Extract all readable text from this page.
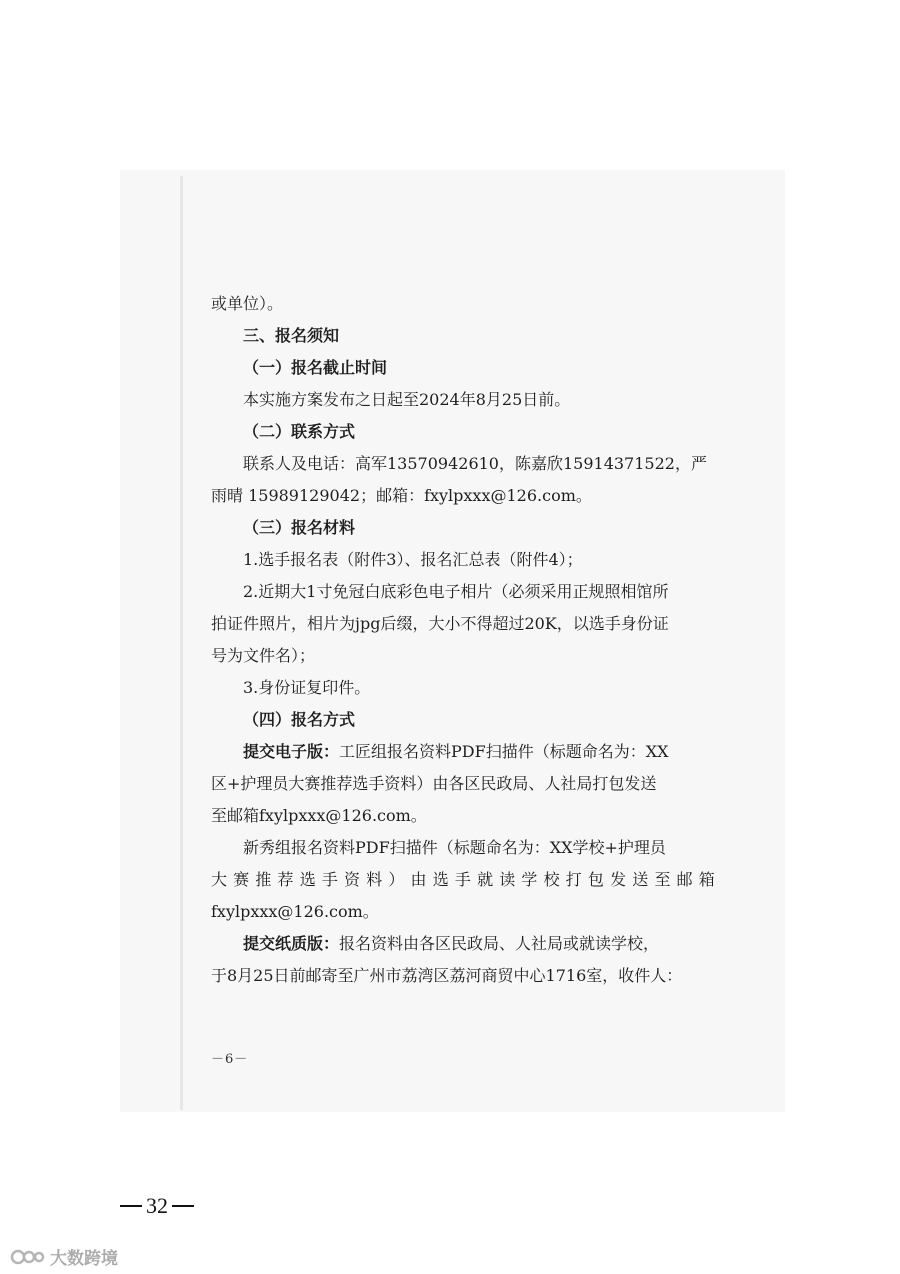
或单位）。

三、报名须知

（一）报名截止时间

本实施方案发布之日起至2024年8月25日前。

（二）联系方式

联系人及电话：高军13570942610，陈嘉欣15914371522，严

雨晴 15989129042；邮箱：fxylpxxx@126.com。

（三）报名材料

1.选手报名表（附件3）、报名汇总表（附件4）；

2.近期大1寸免冠白底彩色电子相片（必须采用正规照相馆所

拍证件照片，相片为jpg后缀，大小不得超过20K，以选手身份证

号为文件名）；

3.身份证复印件。

（四）报名方式

提交电子版：工匠组报名资料PDF扫描件（标题命名为：XX

区+护理员大赛推荐选手资料）由各区民政局、人社局打包发送

至邮箱fxylpxxx@126.com。

新秀组报名资料PDF扫描件（标题命名为：XX学校+护理员

大 赛 推 荐 选 手 资 料 ） 由 选 手 就 读 学 校 打 包 发 送 至 邮 箱

fxylpxxx@126.com。

提交纸质版：报名资料由各区民政局、人社局或就读学校，

于8月25日前邮寄至广州市荔湾区荔河商贸中心1716室，收件人：

－6－
32
大数跨境
